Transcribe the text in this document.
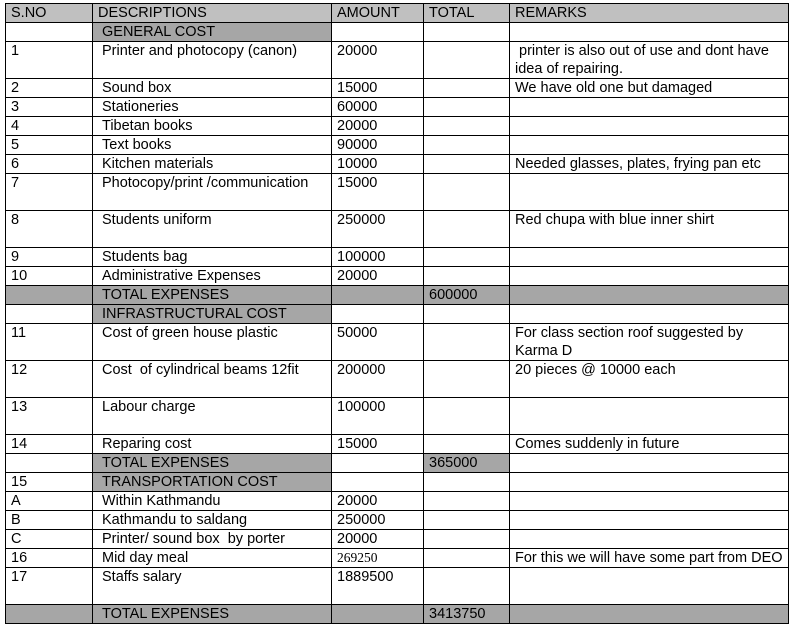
S.NO	DESCRIPTIONS	AMOUNT	TOTAL	REMARKS
	GENERAL COST			
1	Printer and photocopy (canon)	20000		printer is also out of use and dont have idea of repairing.
2	Sound box	15000		We have old one but damaged
3	Stationeries	60000		
4	Tibetan books	20000		
5	Text books	90000		
6	Kitchen materials	10000		Needed glasses, plates, frying pan etc
7	Photocopy/print /communication	15000		
8	Students uniform	250000		Red chupa with blue inner shirt
9	Students bag	100000		
10	Administrative Expenses	20000		
	TOTAL EXPENSES		600000	
	INFRASTRUCTURAL COST			
11	Cost of green house plastic	50000		For class section roof suggested by Karma D
12	Cost  of cylindrical beams 12fit	200000		20 pieces @ 10000 each
13	Labour charge	100000		
14	Reparing cost	15000		Comes suddenly in future
	TOTAL EXPENSES		365000	
15	TRANSPORTATION COST			
A	Within Kathmandu	20000		
B	Kathmandu to saldang	250000		
C	Printer/ sound box  by porter	20000		
16	Mid day meal	269250		For this we will have some part from DEO
17	Staffs salary	1889500		
	TOTAL EXPENSES		3413750	
